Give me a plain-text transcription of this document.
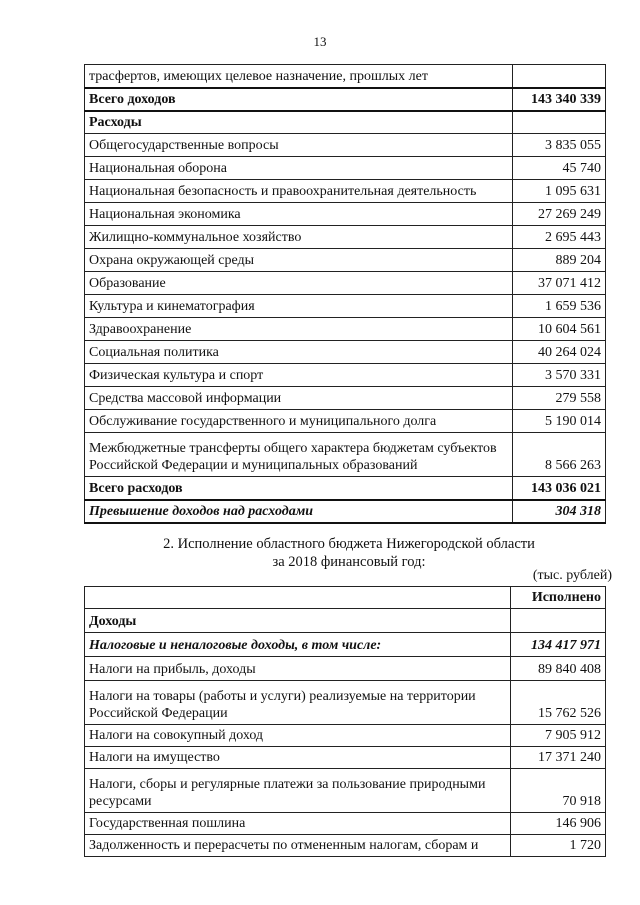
13
трасфертов, имеющих целевое назначение, прошлых лет	
Всего доходов	143 340 339
Расходы	
Общегосударственные вопросы	3 835 055
Национальная оборона	45 740
Национальная безопасность и правоохранительная деятельность	1 095 631
Национальная экономика	27 269 249
Жилищно-коммунальное хозяйство	2 695 443
Охрана окружающей среды	889 204
Образование	37 071 412
Культура и кинематография	1 659 536
Здравоохранение	10 604 561
Социальная политика	40 264 024
Физическая культура и спорт	3 570 331
Средства массовой информации	279 558
Обслуживание государственного и муниципального долга	5 190 014
Межбюджетные трансферты общего характера бюджетам субъектов Российской Федерации и муниципальных образований	8 566 263
Всего расходов	143 036 021
Превышение доходов над расходами	304 318
2. Исполнение областного бюджета Нижегородской области
за 2018 финансовый год:
(тыс. рублей)
	Исполнено
Доходы	
Налоговые и неналоговые доходы, в том числе:	134 417 971
Налоги на прибыль, доходы	89 840 408
Налоги на товары (работы и услуги) реализуемые на территории Российской Федерации	15 762 526
Налоги на совокупный доход	7 905 912
Налоги на имущество	17 371 240
Налоги, сборы и регулярные платежи за пользование природными ресурсами	70 918
Государственная пошлина	146 906
Задолженность и перерасчеты по отмененным налогам, сборам и	1 720
